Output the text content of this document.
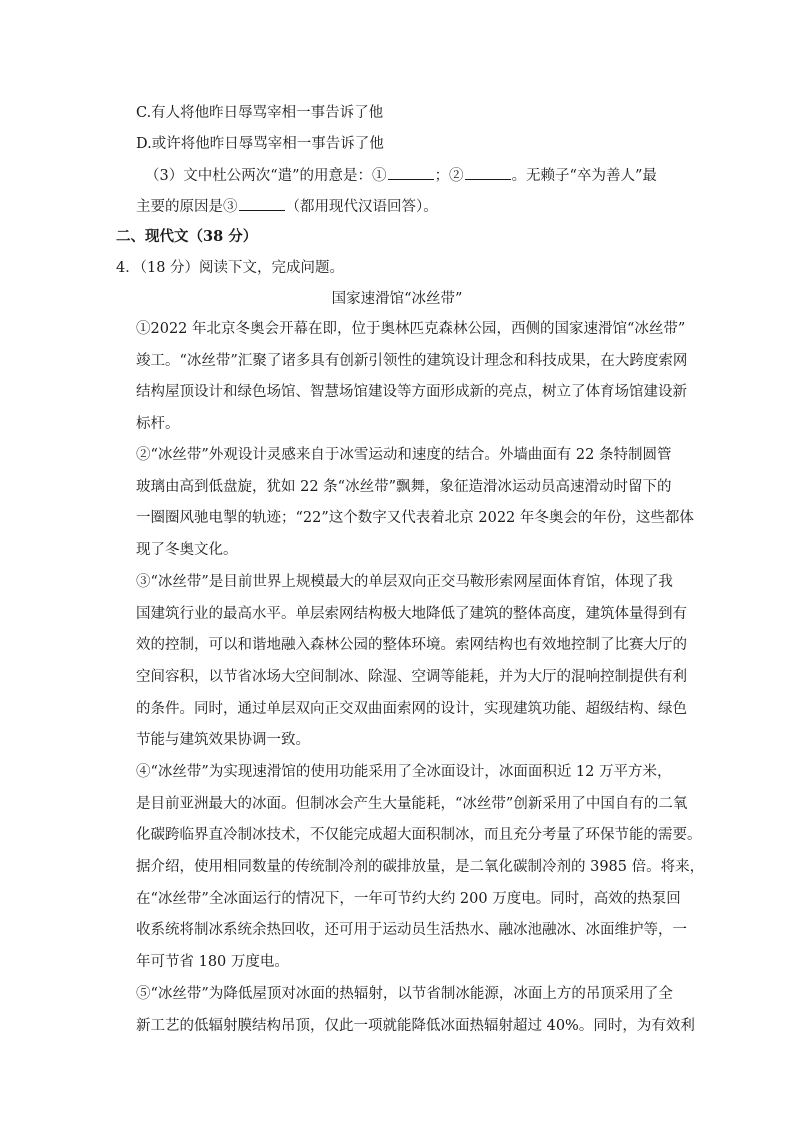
C.有人将他昨日辱骂宰相一事告诉了他
D.或许将他昨日辱骂宰相一事告诉了他
（3）文中杜公两次“遣”的用意是：①	；②	。无赖子“卒为善人”最
主要的原因是③	（都用现代汉语回答）。
二、现代文（38 分）
4．（18 分）阅读下文，完成问题。
国家速滑馆“冰丝带”
①2022 年北京冬奥会开幕在即，位于奥林匹克森林公园，西侧的国家速滑馆“冰丝带”
竣工。“冰丝带”汇聚了诸多具有创新引领性的建筑设计理念和科技成果，在大跨度索网
结构屋顶设计和绿色场馆、智慧场馆建设等方面形成新的亮点，树立了体育场馆建设新
标杆。
②“冰丝带”外观设计灵感来自于冰雪运动和速度的结合。外墙曲面有 22 条特制圆管
玻璃由高到低盘旋，犹如 22 条“冰丝带”飘舞，象征造滑冰运动员高速滑动时留下的
一圈圈风驰电掣的轨迹；“22”这个数字又代表着北京 2022 年冬奥会的年份，这些都体
现了冬奥文化。
③“冰丝带”是目前世界上规模最大的单层双向正交马鞍形索网屋面体育馆，体现了我
国建筑行业的最高水平。单层索网结构极大地降低了建筑的整体高度，建筑体量得到有
效的控制，可以和谐地融入森林公园的整体环境。索网结构也有效地控制了比赛大厅的
空间容积，以节省冰场大空间制冰、除湿、空调等能耗，并为大厅的混响控制提供有利
的条件。同时，通过单层双向正交双曲面索网的设计，实现建筑功能、超级结构、绿色
节能与建筑效果协调一致。
④“冰丝带”为实现速滑馆的使用功能采用了全冰面设计，冰面面积近 12 万平方米，
是目前亚洲最大的冰面。但制冰会产生大量能耗，“冰丝带”创新采用了中国自有的二氧
化碳跨临界直冷制冰技术，不仅能完成超大面积制冰，而且充分考量了环保节能的需要。
据介绍，使用相同数量的传统制冷剂的碳排放量，是二氧化碳制冷剂的 3985 倍。将来，
在“冰丝带”全冰面运行的情况下，一年可节约大约 200 万度电。同时，高效的热泵回
收系统将制冰系统余热回收，还可用于运动员生活热水、融冰池融冰、冰面维护等，一
年可节省 180 万度电。
⑤“冰丝带”为降低屋顶对冰面的热辐射，以节省制冰能源，冰面上方的吊顶采用了全
新工艺的低辐射膜结构吊顶，仅此一项就能降低冰面热辐射超过 40%。同时，为有效利
